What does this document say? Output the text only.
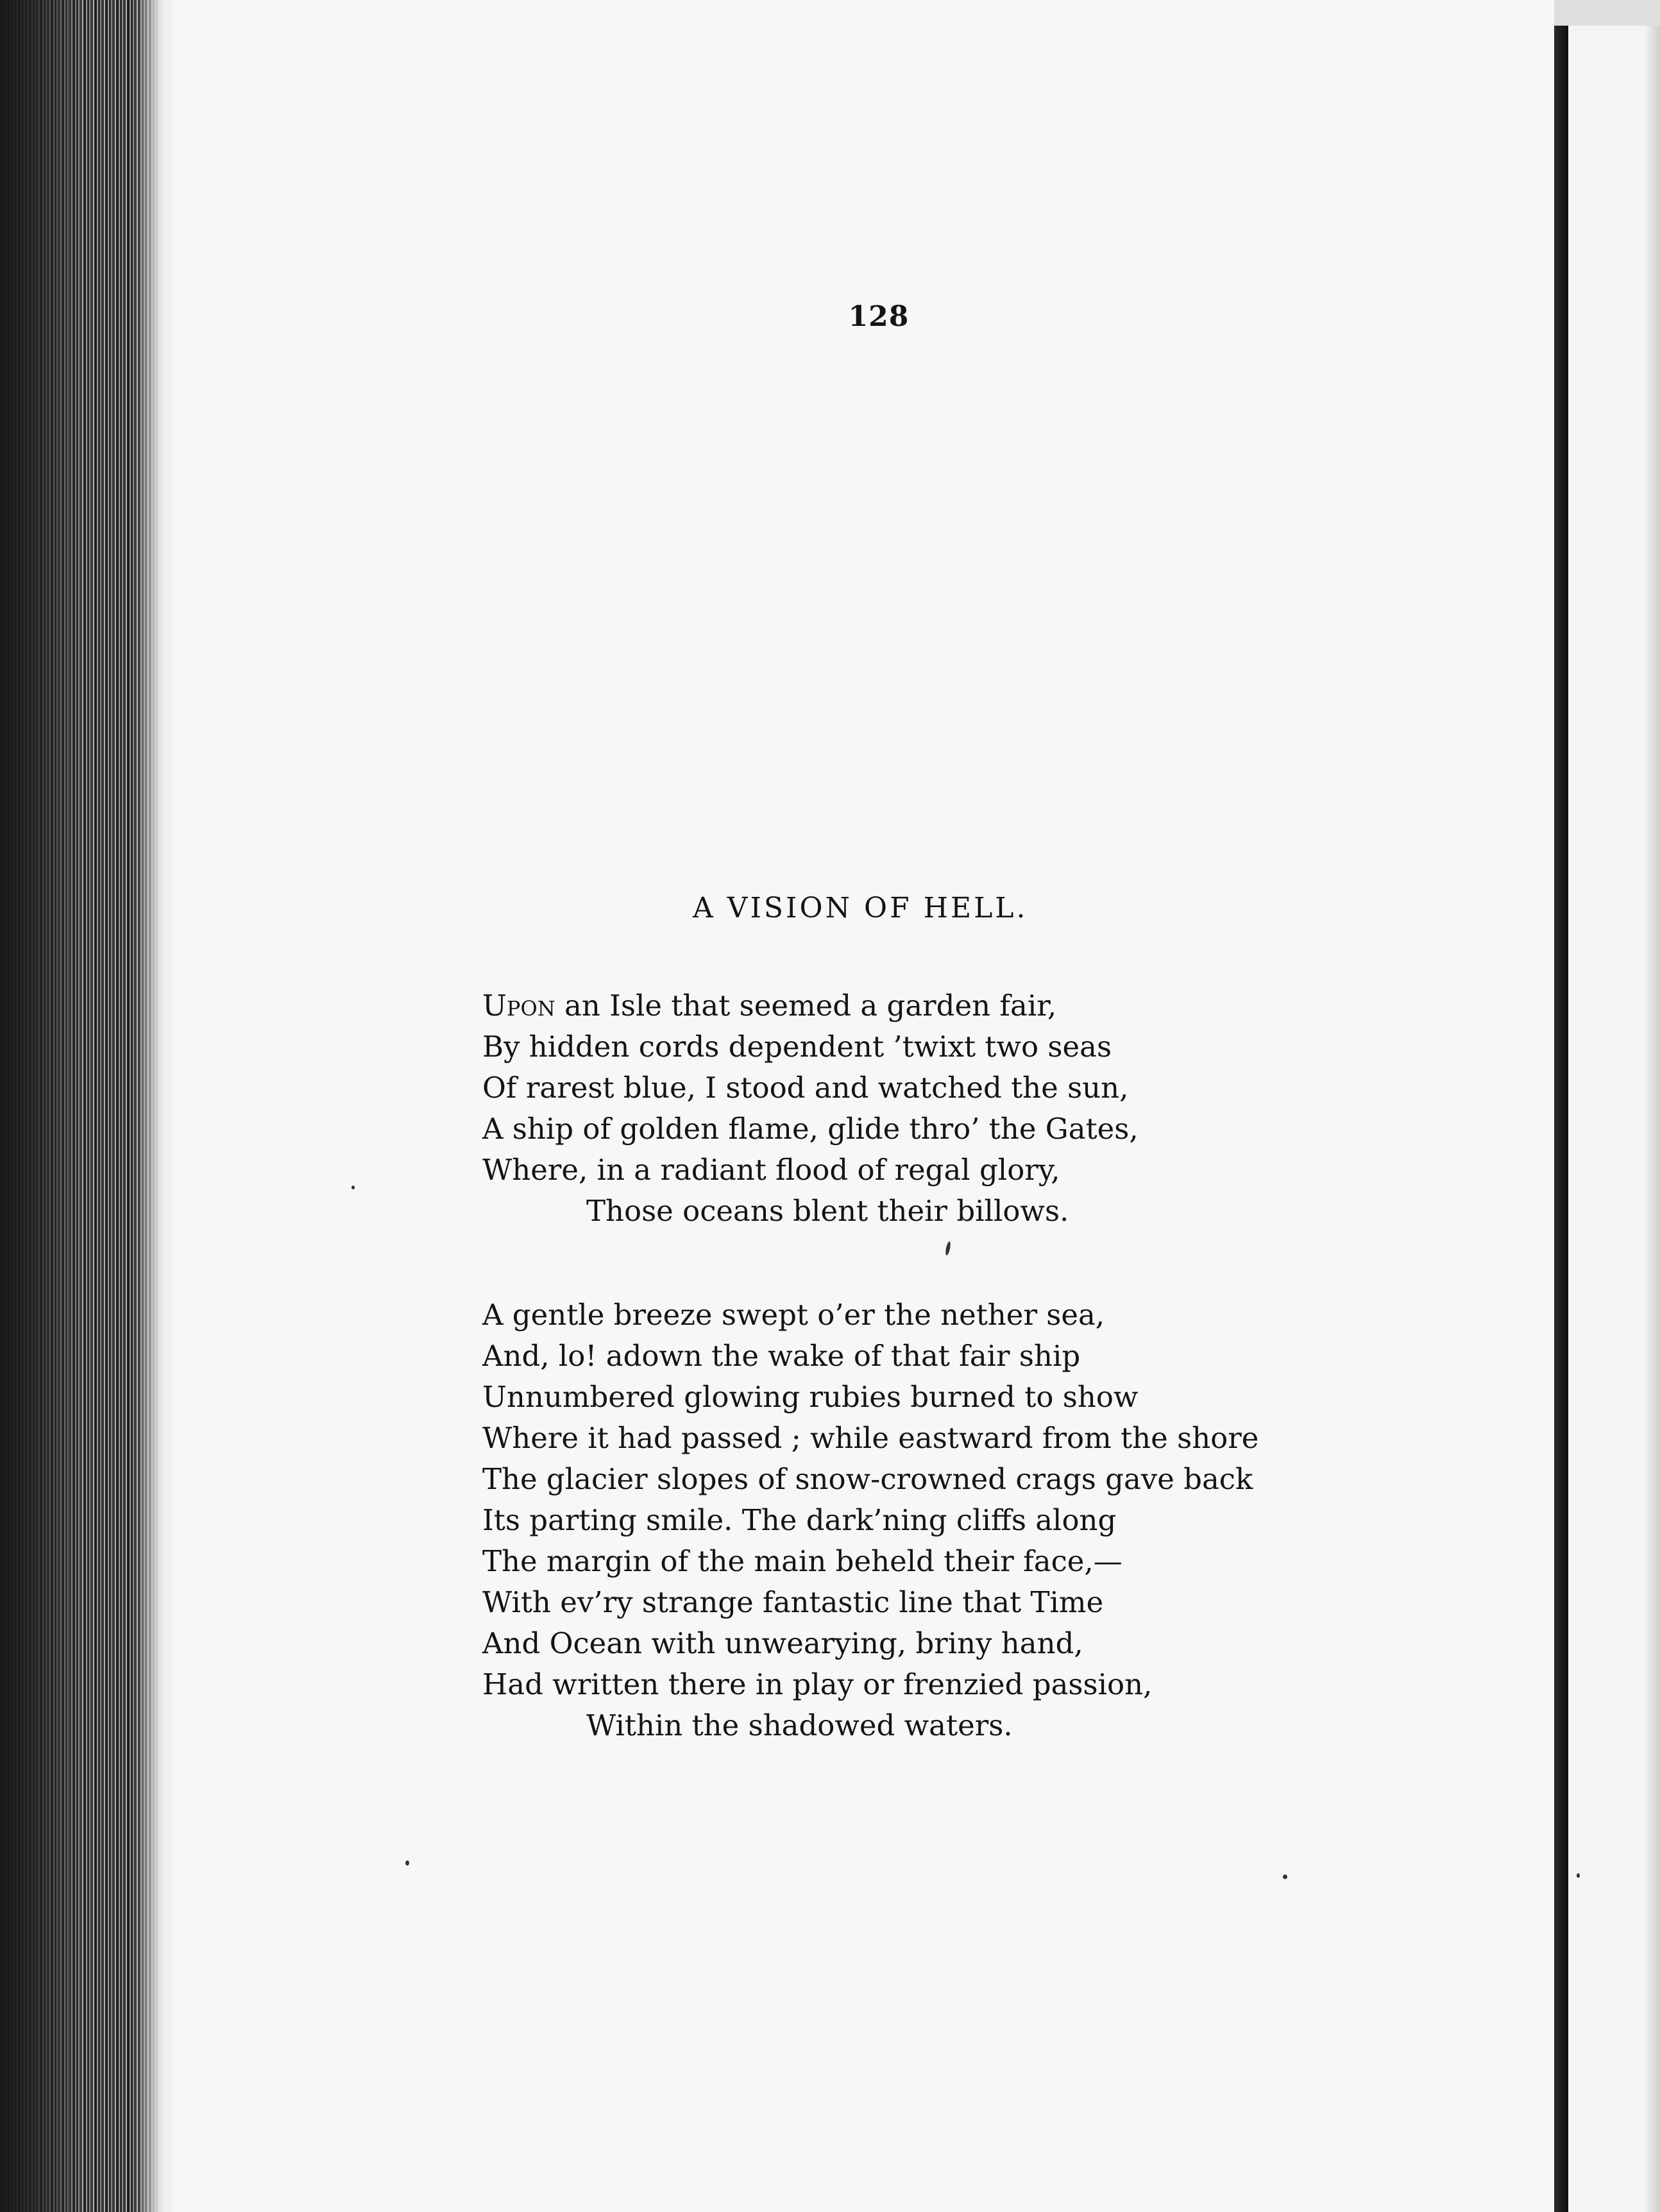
128
A VISION OF HELL.
Upon an Isle that seemed a garden fair,
By hidden cords dependent ’twixt two seas
Of rarest blue, I stood and watched the sun,
A ship of golden flame, glide thro’ the Gates,
Where, in a radiant flood of regal glory,
Those oceans blent their billows.
A gentle breeze swept o’er the nether sea,
And, lo! adown the wake of that fair ship
Unnumbered glowing rubies burned to show
Where it had passed ; while eastward from the shore
The glacier slopes of snow-crowned crags gave back
Its parting smile. The dark’ning cliffs along
The margin of the main beheld their face,—
With ev’ry strange fantastic line that Time
And Ocean with unwearying, briny hand,
Had written there in play or frenzied passion,
Within the shadowed waters.
